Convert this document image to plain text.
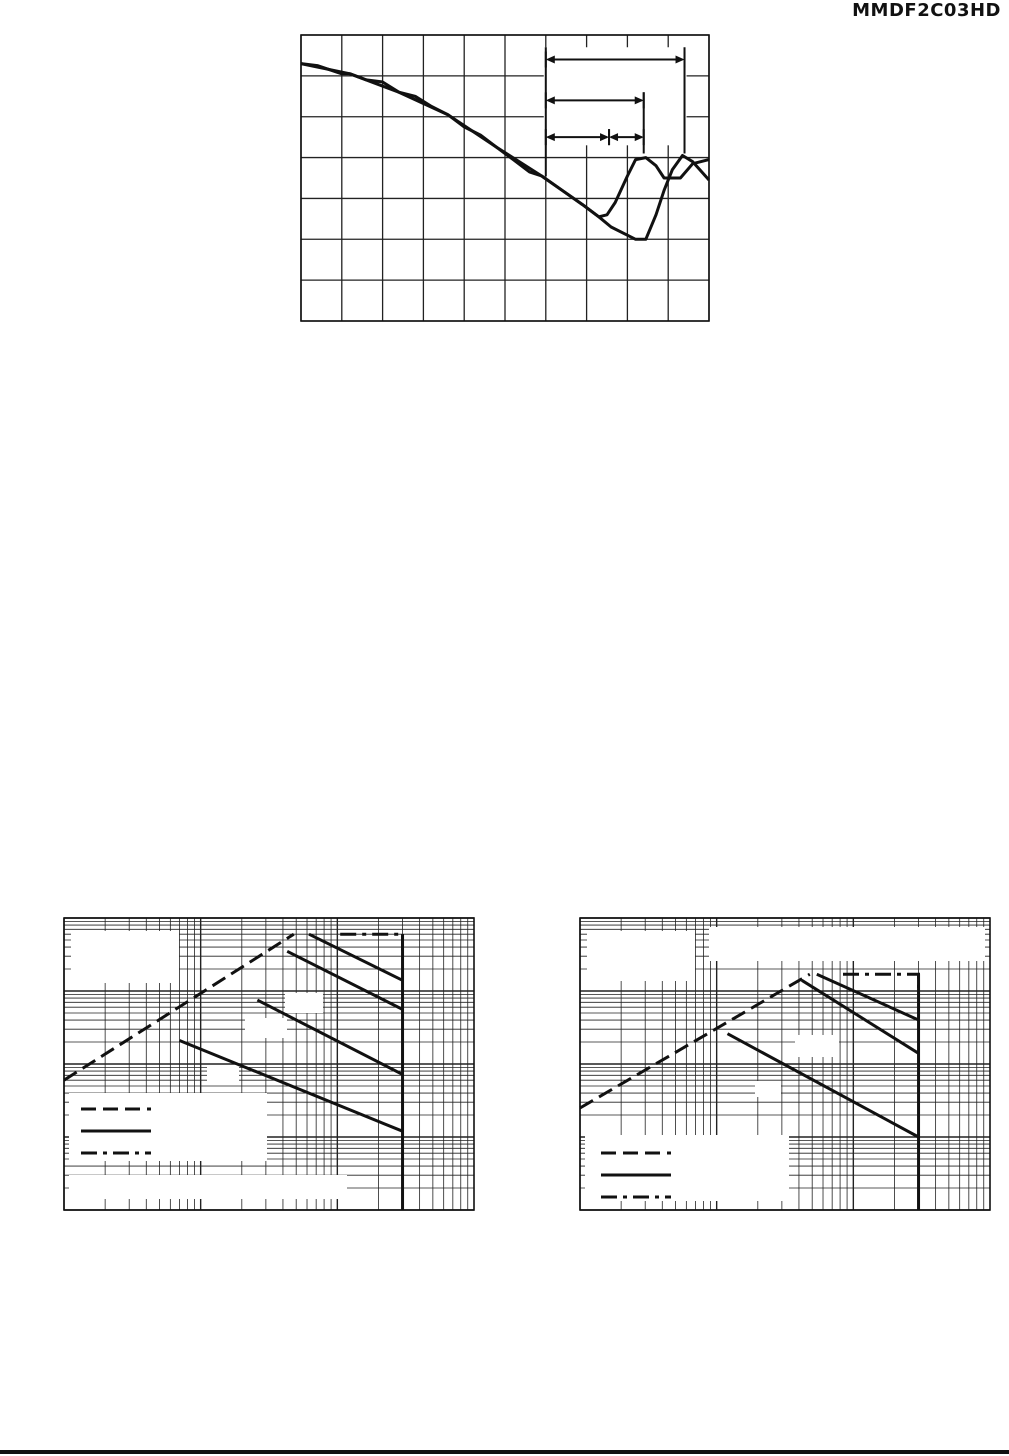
MMDF2C03HD
